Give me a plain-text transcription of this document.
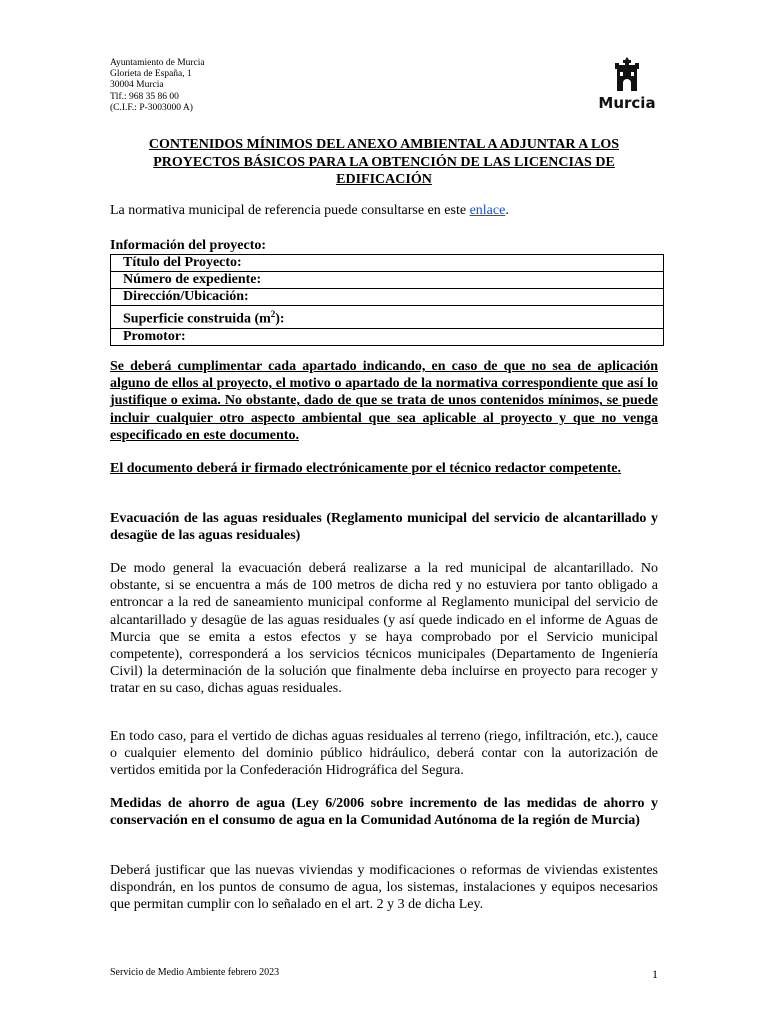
Ayuntamiento de Murcia
Glorieta de España, 1
30004 Murcia
Tlf.: 968 35 86 00
(C.I.F.: P-3003000 A)	Murcia
CONTENIDOS MÍNIMOS DEL ANEXO AMBIENTAL A ADJUNTAR A LOS PROYECTOS BÁSICOS PARA LA OBTENCIÓN DE LAS LICENCIAS DE EDIFICACIÓN
La normativa municipal de referencia puede consultarse en este enlace.
Información del proyecto:
Título del Proyecto:
Número de expediente:
Dirección/Ubicación:
Superficie construida $(m^2)$:
Promotor:
Se deberá cumplimentar cada apartado indicando, en caso de que no sea de aplicación alguno de ellos al proyecto, el motivo o apartado de la normativa correspondiente que así lo justifique o exima. No obstante, dado de que se trata de unos contenidos mínimos, se puede incluir cualquier otro aspecto ambiental que sea aplicable al proyecto y que no venga especificado en este documento.
El documento deberá ir firmado electrónicamente por el técnico redactor competente.
Evacuación de las aguas residuales (Reglamento municipal del servicio de alcantarillado y desagüe de las aguas residuales)
De modo general la evacuación deberá realizarse a la red municipal de alcantarillado. No obstante, si se encuentra a más de 100 metros de dicha red y no estuviera por tanto obligado a entroncar a la red de saneamiento municipal conforme al Reglamento municipal del servicio de alcantarillado y desagüe de las aguas residuales (y así quede indicado en el informe de Aguas de Murcia que se emita a estos efectos y se haya comprobado por el Servicio municipal competente), corresponderá a los servicios técnicos municipales (Departamento de Ingeniería Civil) la determinación de la solución que finalmente deba incluirse en proyecto para recoger y tratar en su caso, dichas aguas residuales.
En todo caso, para el vertido de dichas aguas residuales al terreno (riego, infiltración, etc.), cauce o cualquier elemento del dominio público hidráulico, deberá contar con la autorización de vertidos emitida por la Confederación Hidrográfica del Segura.
Medidas de ahorro de agua (Ley 6/2006 sobre incremento de las medidas de ahorro y conservación en el consumo de agua en la Comunidad Autónoma de la región de Murcia)
Deberá justificar que las nuevas viviendas y modificaciones o reformas de viviendas existentes dispondrán, en los puntos de consumo de agua, los sistemas, instalaciones y equipos necesarios que permitan cumplir con lo señalado en el art. 2 y 3 de dicha Ley.
Servicio de Medio Ambiente febrero 2023	1
